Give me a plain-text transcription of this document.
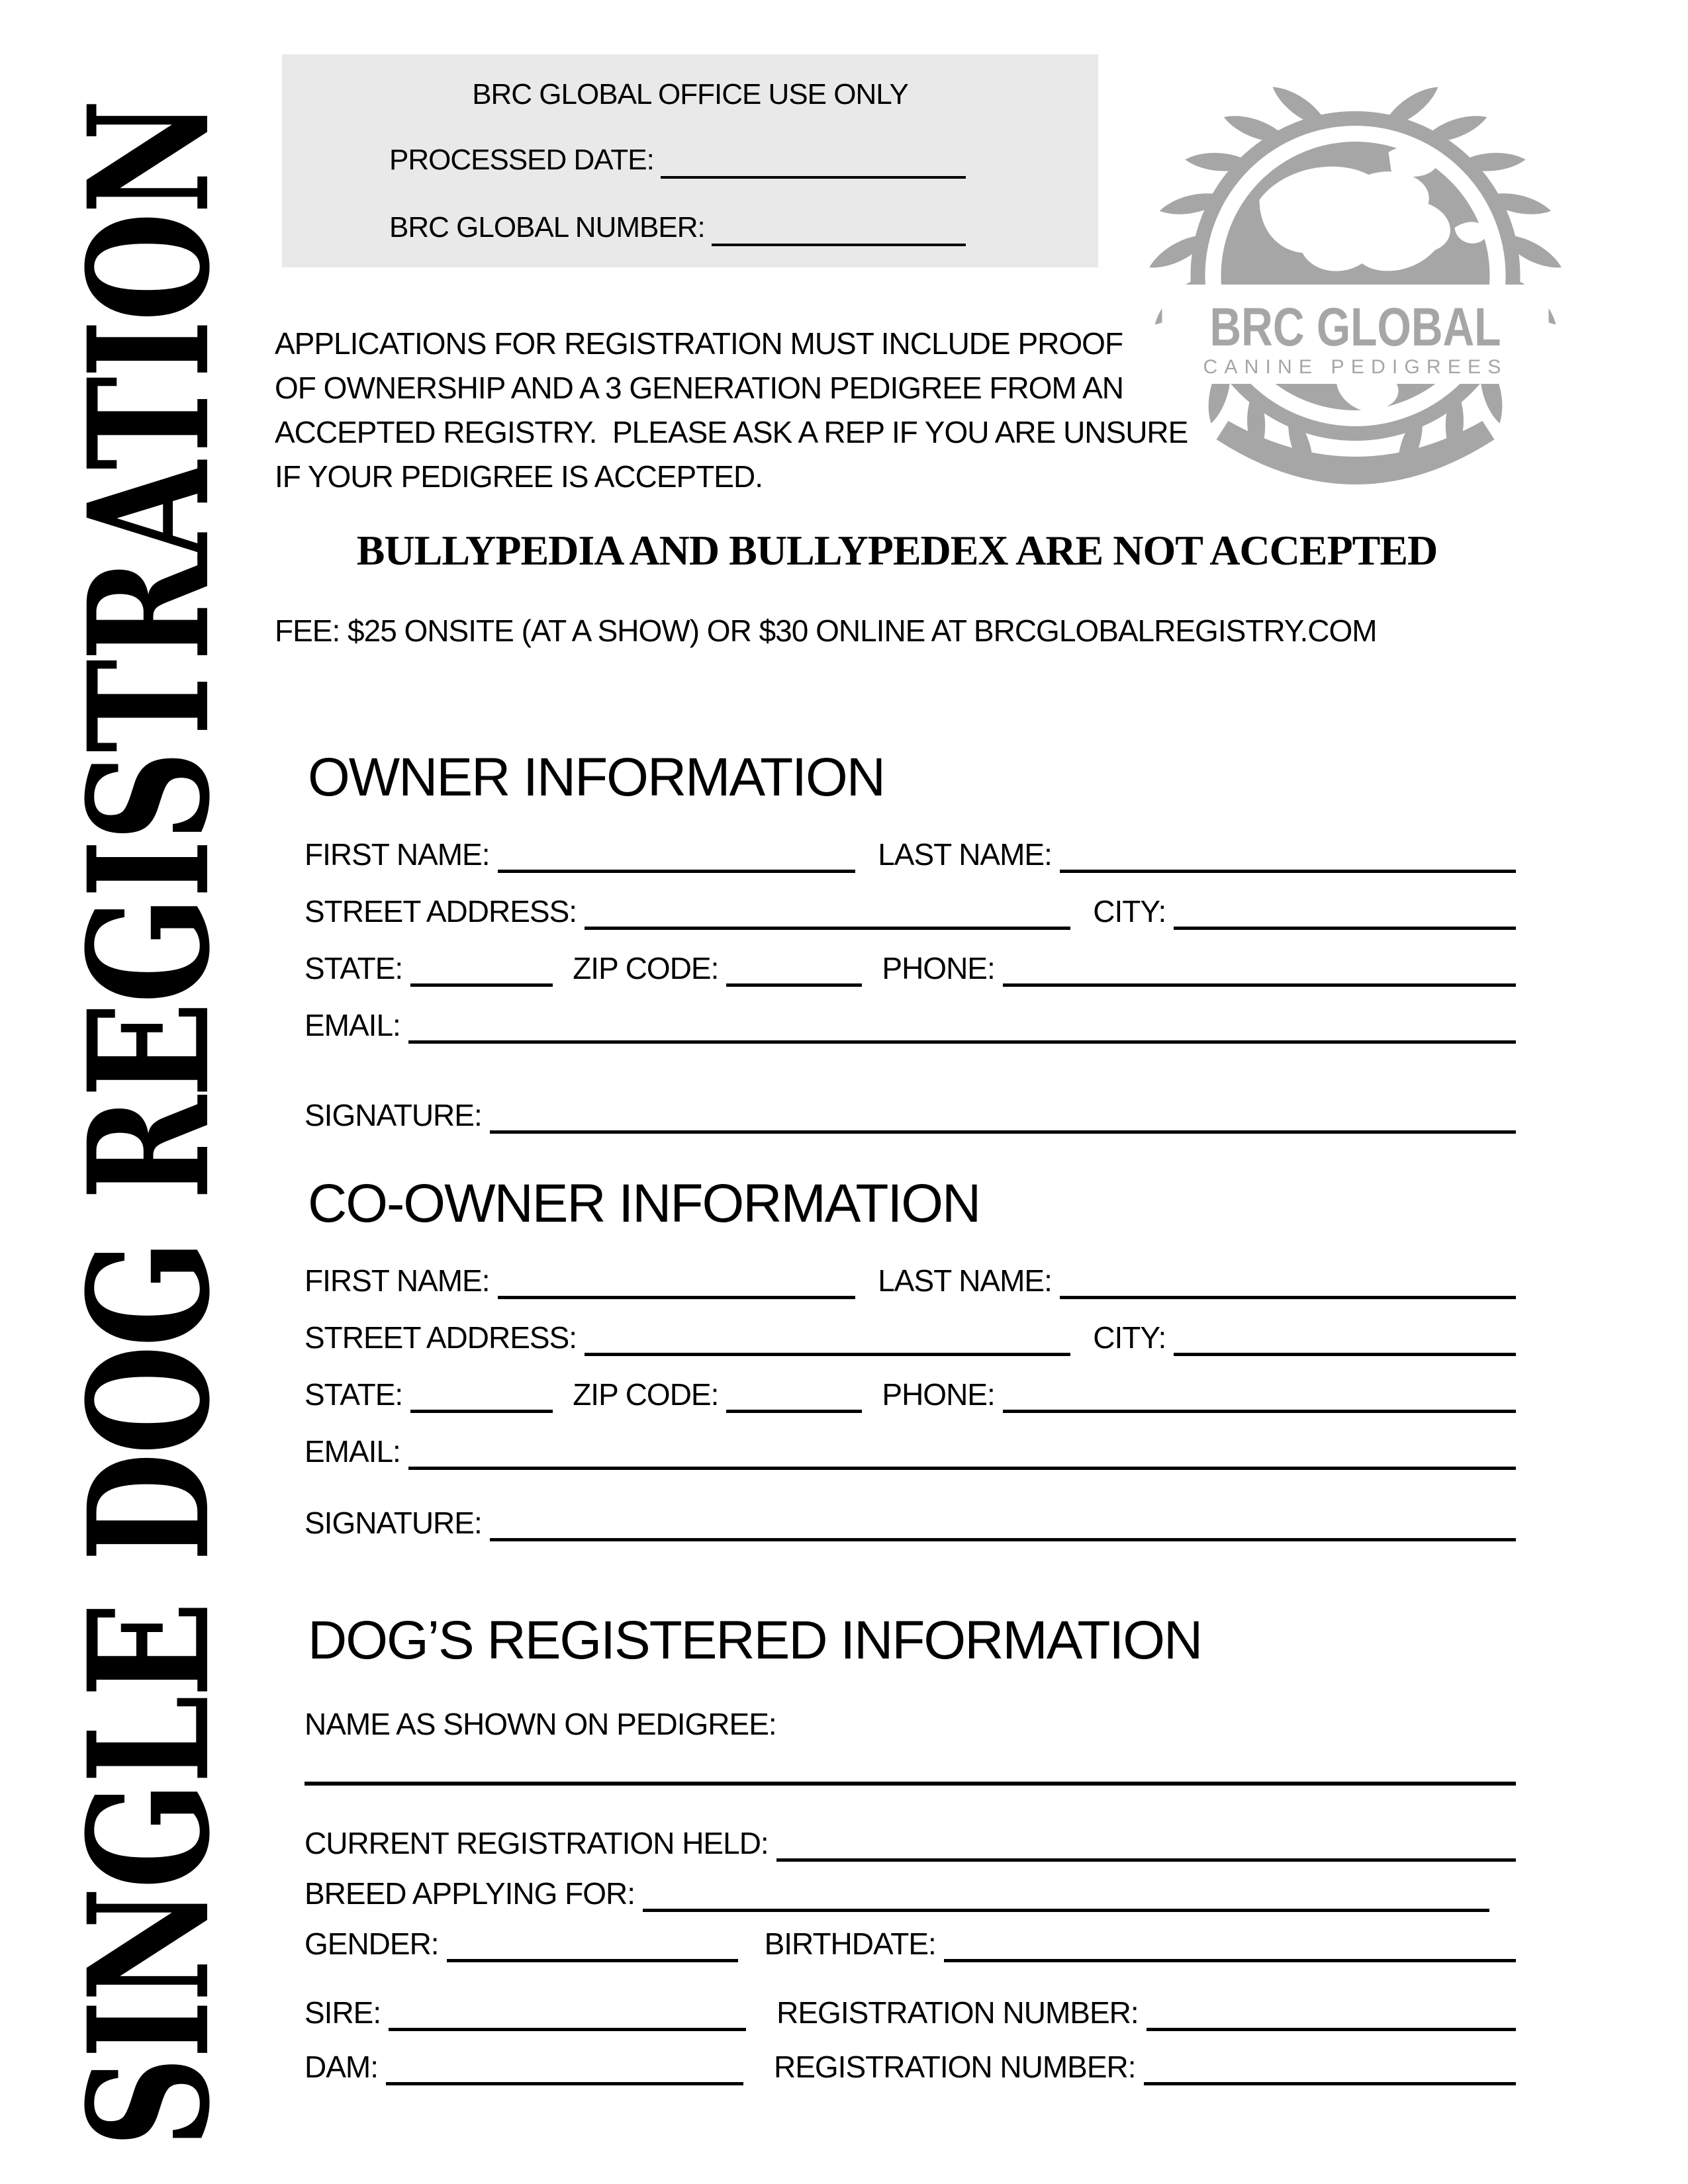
SINGLE DOG REGISTRATION
BRC GLOBAL OFFICE USE ONLY
PROCESSED DATE:
BRC GLOBAL NUMBER:
BRC GLOBAL
CANINE PEDIGREES
APPLICATIONS FOR REGISTRATION MUST INCLUDE PROOF
OF OWNERSHIP AND A 3 GENERATION PEDIGREE FROM AN
ACCEPTED REGISTRY.  PLEASE ASK A REP IF YOU ARE UNSURE
IF YOUR PEDIGREE IS ACCEPTED.
BULLYPEDIA AND BULLYPEDEX ARE NOT ACCEPTED
FEE: $25 ONSITE (AT A SHOW) OR $30 ONLINE AT BRCGLOBALREGISTRY.COM
OWNER INFORMATION
FIRST NAME:	LAST NAME:
STREET ADDRESS:	CITY:
STATE:	ZIP CODE:	PHONE:
EMAIL:
SIGNATURE:
CO-OWNER INFORMATION
FIRST NAME:	LAST NAME:
STREET ADDRESS:	CITY:
STATE:	ZIP CODE:	PHONE:
EMAIL:
SIGNATURE:
DOG’S REGISTERED INFORMATION
NAME AS SHOWN ON PEDIGREE:
CURRENT REGISTRATION HELD:
BREED APPLYING FOR:
GENDER:	BIRTHDATE:
SIRE:	REGISTRATION NUMBER:
DAM:	REGISTRATION NUMBER:
